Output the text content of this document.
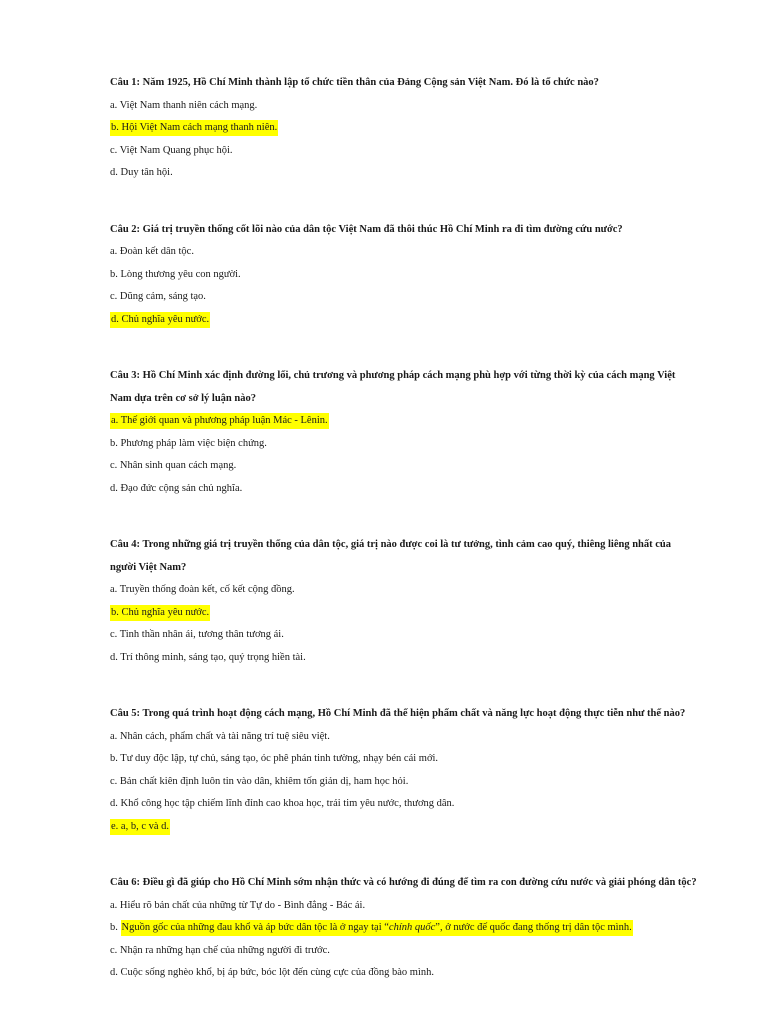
Câu 1: Năm 1925, Hồ Chí Minh thành lập tổ chức tiền thân của Đảng Cộng sản Việt Nam. Đó là tổ chức nào?

a. Việt Nam thanh niên cách mạng.

b. Hội Việt Nam cách mạng thanh niên.

c. Việt Nam Quang phục hội.

d. Duy tân hội.

Câu 2: Giá trị truyền thống cốt lõi nào của dân tộc Việt Nam đã thôi thúc Hồ Chí Minh ra đi tìm đường cứu nước?

a. Đoàn kết dân tộc.

b. Lòng thương yêu con người.

c. Dũng cảm, sáng tạo.

d. Chủ nghĩa yêu nước.

Câu 3: Hồ Chí Minh xác định đường lối, chủ trương và phương pháp cách mạng phù hợp với từng thời kỳ của cách mạng Việt

Nam dựa trên cơ sở lý luận nào?

a. Thế giới quan và phương pháp luận Mác - Lênin.

b. Phương pháp làm việc biện chứng.

c. Nhân sinh quan cách mạng.

d. Đạo đức cộng sản chủ nghĩa.

Câu 4: Trong những giá trị truyền thống của dân tộc, giá trị nào được coi là tư tưởng, tình cảm cao quý, thiêng liêng nhất của

người Việt Nam?

a. Truyền thống đoàn kết, cố kết cộng đồng.

b. Chủ nghĩa yêu nước.

c. Tinh thần nhân ái, tương thân tương ái.

d. Trí thông minh, sáng tạo, quý trọng hiền tài.

Câu 5: Trong quá trình hoạt động cách mạng, Hồ Chí Minh đã thể hiện phẩm chất và năng lực hoạt động thực tiễn như thế nào?

a. Nhân cách, phẩm chất và tài năng trí tuệ siêu việt.

b. Tư duy độc lập, tự chủ, sáng tạo, óc phê phán tinh tường, nhạy bén cái mới.

c. Bản chất kiên định luôn tin vào dân, khiêm tốn giản dị, ham học hỏi.

d. Khổ công học tập chiếm lĩnh đỉnh cao khoa học, trái tim yêu nước, thương dân.

e. a, b, c và d.

Câu 6: Điều gì đã giúp cho Hồ Chí Minh sớm nhận thức và có hướng đi đúng để tìm ra con đường cứu nước và giải phóng dân tộc?

a. Hiểu rõ bản chất của những từ Tự do - Bình đẳng - Bác ái.

b. Nguồn gốc của những đau khổ và áp bức dân tộc là ở ngay tại “chính quốc”, ở nước đế quốc đang thống trị dân tộc mình.

c. Nhận ra những hạn chế của những người đi trước.

d. Cuộc sống nghèo khổ, bị áp bức, bóc lột đến cùng cực của đồng bào mình.
